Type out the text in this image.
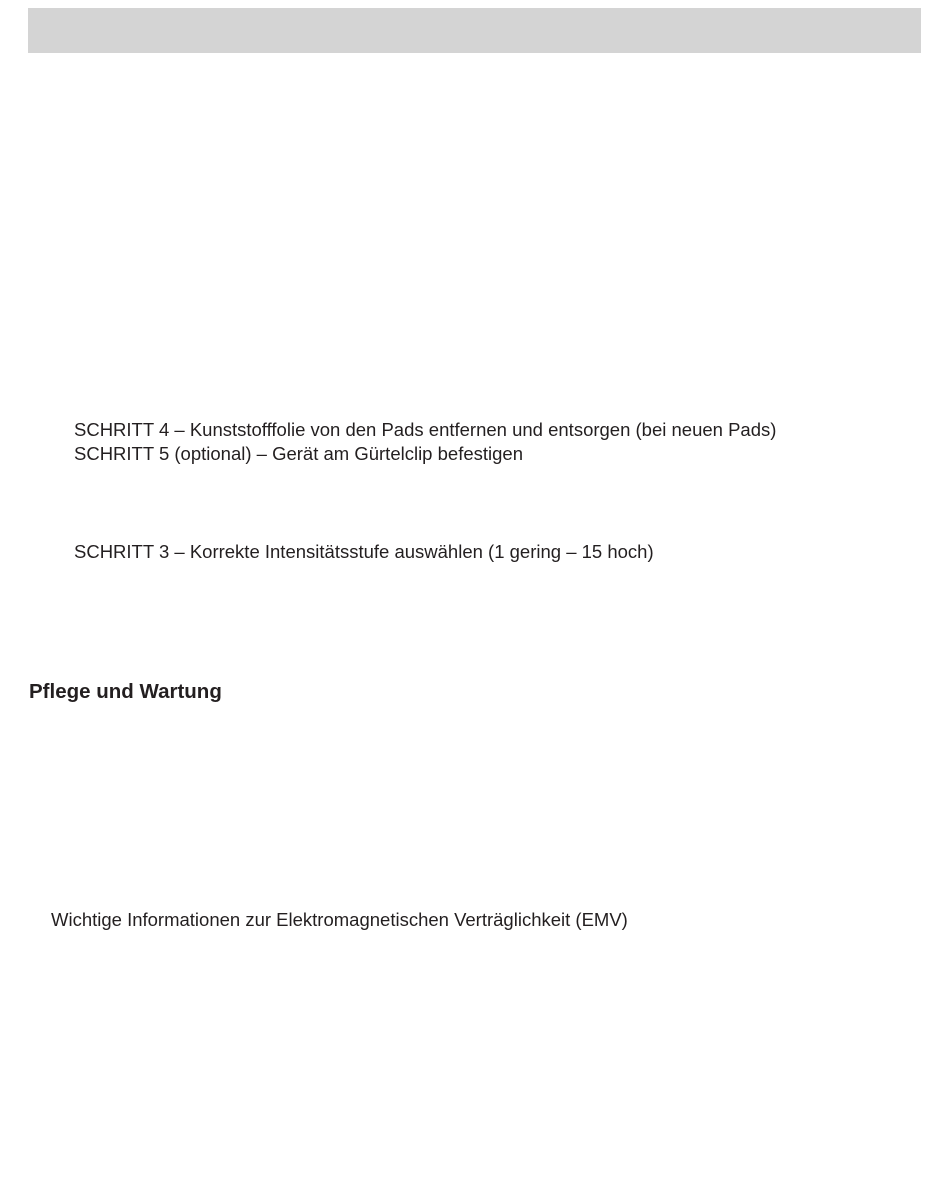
SCHRITT 4 – Kunststofffolie von den Pads entfernen und entsorgen (bei neuen Pads)

SCHRITT 5 (optional) – Gerät am Gürtelclip befestigen

SCHRITT 3 – Korrekte Intensitätsstufe auswählen (1 gering – 15 hoch)

Pflege und Wartung

Wichtige Informationen zur Elektromagnetischen Verträglichkeit (EMV)
